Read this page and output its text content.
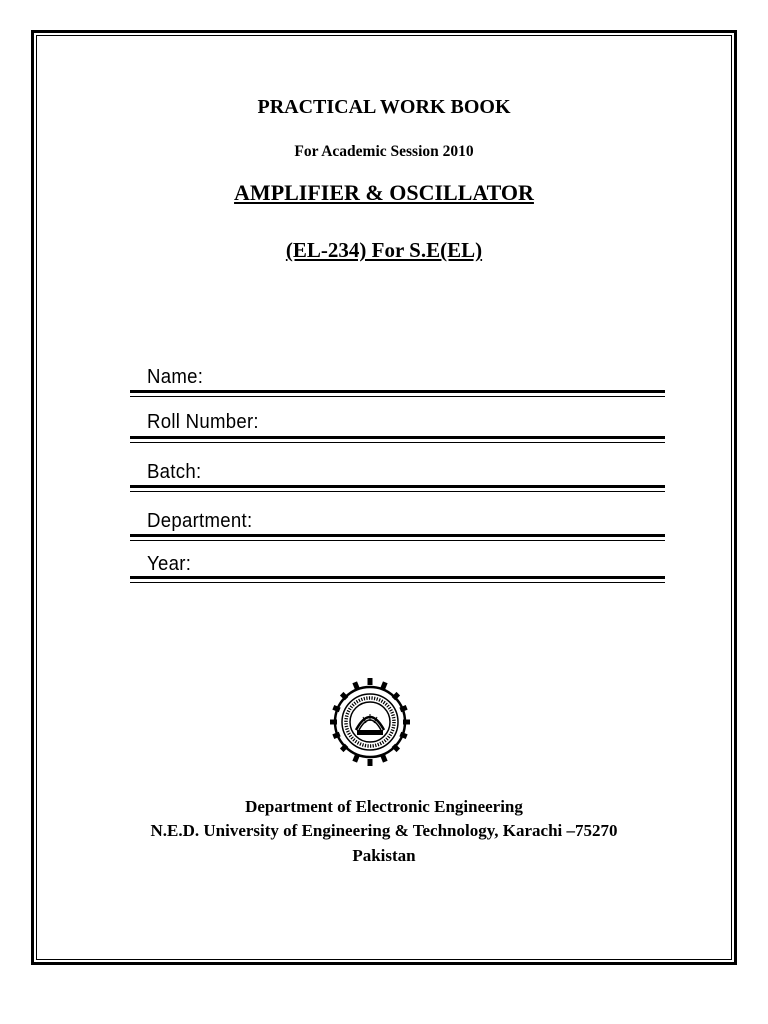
PRACTICAL WORK BOOK
For Academic Session 2010
AMPLIFIER & OSCILLATOR
(EL-234) For S.E(EL)
Name:
Roll Number:
Batch:
Department:
Year:
Department of Electronic Engineering
N.E.D. University of Engineering & Technology, Karachi –75270
Pakistan
